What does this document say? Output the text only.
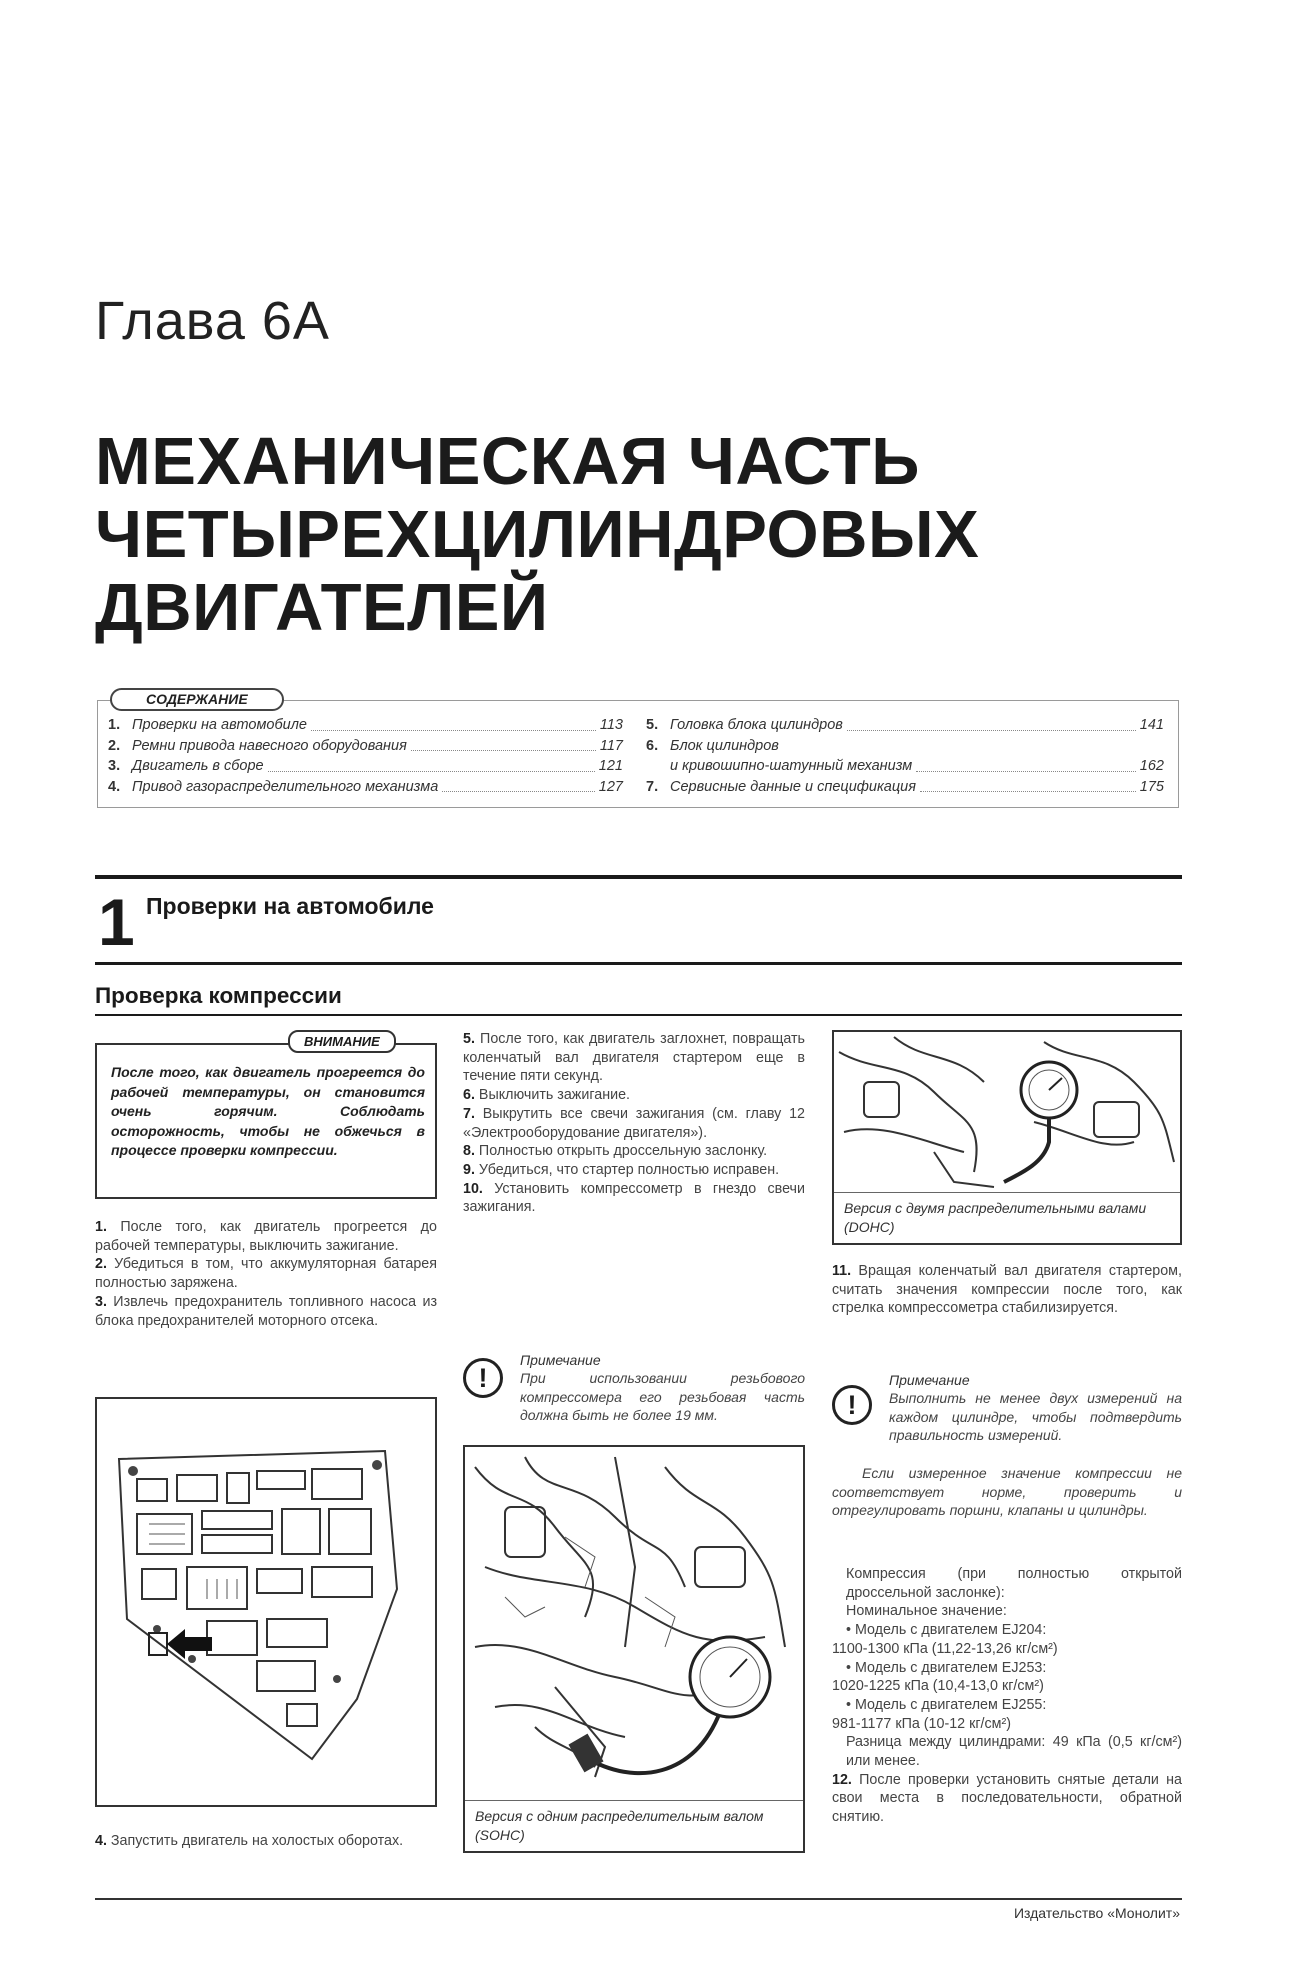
Глава 6А
МЕХАНИЧЕСКАЯ ЧАСТЬ
ЧЕТЫРЕХЦИЛИНДРОВЫХ
ДВИГАТЕЛЕЙ
1. Проверки на автомобиле	113
2. Ремни привода навесного оборудования	117
3. Двигатель в сборе	121
4. Привод газораспределительного механизма	127
5. Головка блока цилиндров	141
6. Блок цилиндров
и кривошипно-шатунный механизм	162
7. Сервисные данные и спецификация	175
СОДЕРЖАНИЕ
1 Проверки на автомобиле
Проверка компрессии
После того, как двигатель прогреется до рабочей температуры, он становится очень горячим. Соблюдать осторожность, чтобы не обжечься в процессе проверки компрессии.
ВНИМАНИЕ

1. После того, как двигатель прогреется до рабочей температуры, выключить зажигание.

2. Убедиться в том, что аккумуляторная батарея полностью заряжена.

3. Извлечь предохранитель топливного насоса из блока предохранителей моторного отсека.

4. Запустить двигатель на холостых оборотах.

5. После того, как двигатель заглохнет, повращать коленчатый вал двигателя стартером еще в течение пяти секунд.

6. Выключить зажигание.

7. Выкрутить все свечи зажигания (см. главу 12 «Электрооборудование двигателя»).

8. Полностью открыть дроссельную заслонку.

9. Убедиться, что стартер полностью исправен.

10. Установить компрессометр в гнездо свечи зажигания.

!
Примечание
При использовании резьбового компрессомера его резьбовая часть должна быть не более 19 мм.
Версия с одним распределительным валом (SOHC)
Версия с двумя распределительными валами (DOHC)

11. Вращая коленчатый вал двигателя стартером, считать значения компрессии после того, как стрелка компрессометра стабилизируется.

!
Примечание
Выполнить не менее двух измерений на каждом цилиндре, чтобы подтвердить правильность измерений.
Если измеренное значение компрессии не соответствует норме, проверить и отрегулировать поршни, клапаны и цилиндры.

Компрессия (при полностью открытой дроссельной заслонке):

Номинальное значение:

• Модель с двигателем EJ204:

1100-1300 кПа (11,22-13,26 кг/см²)

• Модель с двигателем EJ253:

1020-1225 кПа (10,4-13,0 кг/см²)

• Модель с двигателем EJ255:

981-1177 кПа (10-12 кг/см²)

Разница между цилиндрами: 49 кПа (0,5 кг/см²) или менее.

12. После проверки установить снятые детали на свои места в последовательности, обратной снятию.

Издательство «Монолит»
